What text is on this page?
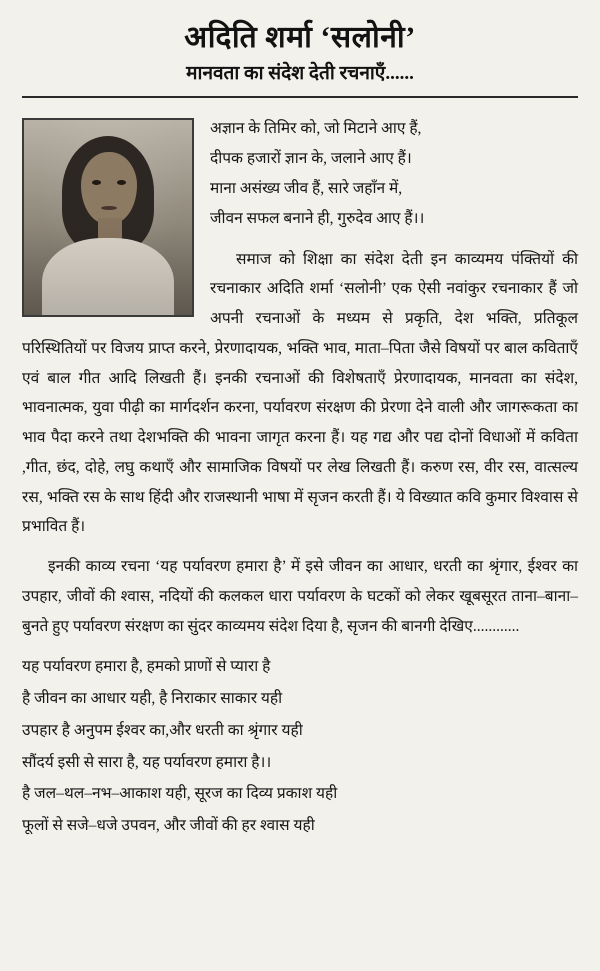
अदिति शर्मा ‘सलोनी’
मानवता का संदेश देती रचनाएँ......

अज्ञान के तिमिर को, जो मिटाने आए हैं,

दीपक हजारों ज्ञान के, जलाने आए हैं।

माना असंख्य जीव हैं, सारे जहाँन में,

जीवन सफल बनाने ही, गुरुदेव आए हैं।।

समाज को शिक्षा का संदेश देती इन काव्यमय पंक्तियों की रचनाकार अदिति शर्मा ‘सलोनी’ एक ऐसी नवांकुर रचनाकार हैं जो अपनी रचनाओं के मध्यम से प्रकृति, देश भक्ति, प्रतिकूल परिस्थितियों पर विजय प्राप्त करने, प्रेरणादायक, भक्ति भाव, माता–पिता जैसे विषयों पर बाल कविताएँ एवं बाल गीत आदि लिखती हैं। इनकी रचनाओं की विशेषताएँ प्रेरणादायक, मानवता का संदेश, भावनात्मक, युवा पीढ़ी का मार्गदर्शन करना, पर्यावरण संरक्षण की प्रेरणा देने वाली और जागरूकता का भाव पैदा करने तथा देशभक्ति की भावना जागृत करना हैं। यह गद्य और पद्य दोनों विधाओं में कविता ,गीत, छंद, दोहे, लघु कथाएँ और सामाजिक विषयों पर लेख लिखती हैं। करुण रस, वीर रस, वात्सल्य रस, भक्ति रस के साथ हिंदी और राजस्थानी भाषा में सृजन करती हैं। ये विख्यात कवि कुमार विश्वास से प्रभावित हैं।

इनकी काव्य रचना ‘यह पर्यावरण हमारा है’ में इसे जीवन का आधार, धरती का श्रृंगार, ईश्वर का उपहार, जीवों की श्वास, नदियों की कलकल धारा पर्यावरण के घटकों को लेकर खूबसूरत ताना–बाना–बुनते हुए पर्यावरण संरक्षण का सुंदर काव्यमय संदेश दिया है, सृजन की बानगी देखिए............

यह पर्यावरण हमारा है, हमको प्राणों से प्यारा है

है जीवन का आधार यही, है निराकार साकार यही

उपहार है अनुपम ईश्वर का,और धरती का श्रृंगार यही

सौंदर्य इसी से सारा है, यह पर्यावरण हमारा है।।

है जल–थल–नभ–आकाश यही, सूरज का दिव्य प्रकाश यही

फूलों से सजे–धजे उपवन, और जीवों की हर श्वास यही
